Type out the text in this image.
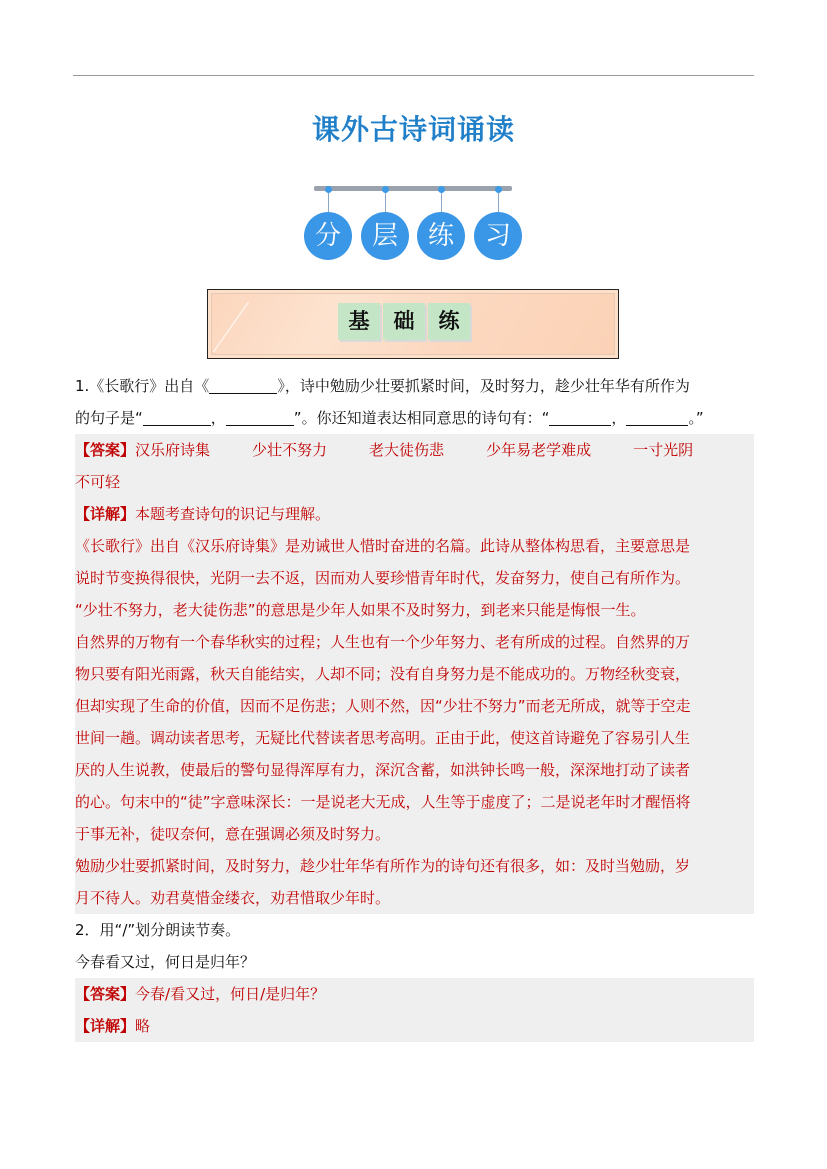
课外古诗词诵读
分	层	练	习
基	础	练
1.《长歌行》出自《	》，诗中勉励少壮要抓紧时间，及时努力，趁少壮年华有所作为
的句子是“	，	”。你还知道表达相同意思的诗句有：“	，	。”
【答案】 汉乐府诗集	少壮不努力	老大徒伤悲	少年易老学难成	一寸光阴
不可轻
【详解】本题考查诗句的识记与理解。
《长歌行》出自《汉乐府诗集》是劝诫世人惜时奋进的名篇。此诗从整体构思看，主要意思是
说时节变换得很快，光阴一去不返，因而劝人要珍惜青年时代，发奋努力，使自己有所作为。
“少壮不努力，老大徒伤悲”的意思是少年人如果不及时努力，到老来只能是悔恨一生。
自然界的万物有一个春华秋实的过程；人生也有一个少年努力、老有所成的过程。自然界的万
物只要有阳光雨露，秋天自能结实，人却不同；没有自身努力是不能成功的。万物经秋变衰，
但却实现了生命的价值，因而不足伤悲；人则不然，因“少壮不努力”而老无所成，就等于空走
世间一趟。调动读者思考，无疑比代替读者思考高明。正由于此，使这首诗避免了容易引人生
厌的人生说教，使最后的警句显得浑厚有力，深沉含蓄，如洪钟长鸣一般，深深地打动了读者
的心。句末中的“徒”字意味深长：一是说老大无成，人生等于虚度了；二是说老年时才醒悟将
于事无补，徒叹奈何，意在强调必须及时努力。
勉励少壮要抓紧时间，及时努力，趁少壮年华有所作为的诗句还有很多，如：及时当勉励，岁
月不待人。劝君莫惜金缕衣，劝君惜取少年时。
2．用“/”划分朗读节奏。
今春看又过，何日是归年？
【答案】今春/看又过，何日/是归年？
【详解】略
